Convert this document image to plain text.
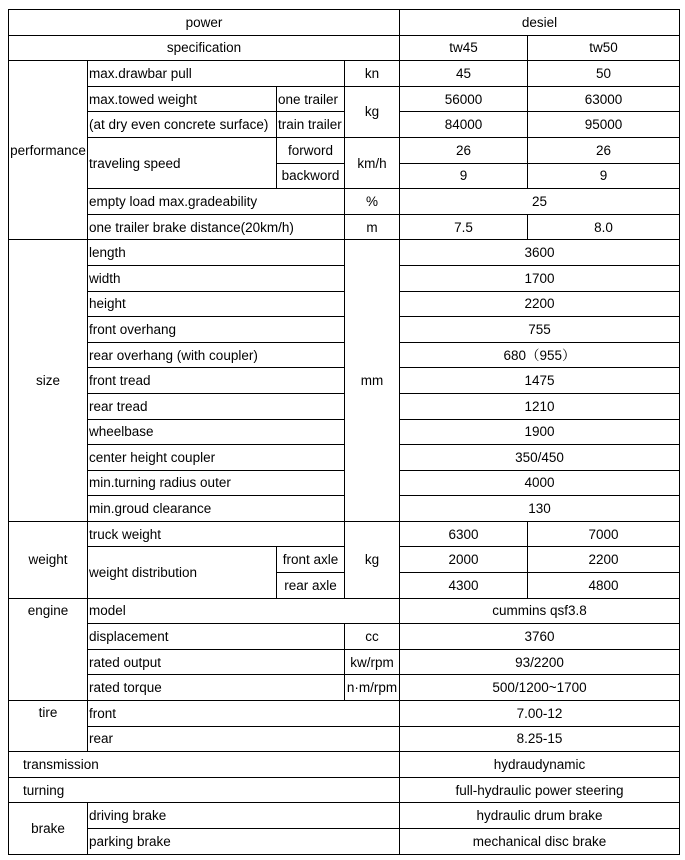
power				desiel	
specification				tw45	tw50
performance	max.drawbar pull		kn	45	50
	max.towed weight	one trailer	kg	56000	63000
	(at dry even concrete surface)	train trailer		84000	95000
	traveling speed	forword	km/h	26	26
		backword		9	9
	empty load max.gradeability		%	25	
	one trailer brake distance(20km/h)		m	7.5	8.0
size	length		mm	3600	
	width			1700	
	height			2200	
	front overhang			755	
	rear overhang (with coupler)			680（955）	
	front tread			1475	
	rear tread			1210	
	wheelbase			1900	
	center height coupler			350/450	
	min.turning radius outer			4000	
	min.groud clearance			130	
weight	truck weight		kg	6300	7000
	weight distribution	front axle		2000	2200
		rear axle		4300	4800
engine	model			cummins qsf3.8	
	displacement		cc	3760	
	rated output		kw/rpm	93/2200	
	rated torque		n·m/rpm	500/1200~1700	
tire	front			7.00-12	
	rear			8.25-15	
transmission				hydraudynamic	
turning				full-hydraulic power steering	
brake	driving brake			hydraulic drum brake	
	parking brake			mechanical disc brake	
